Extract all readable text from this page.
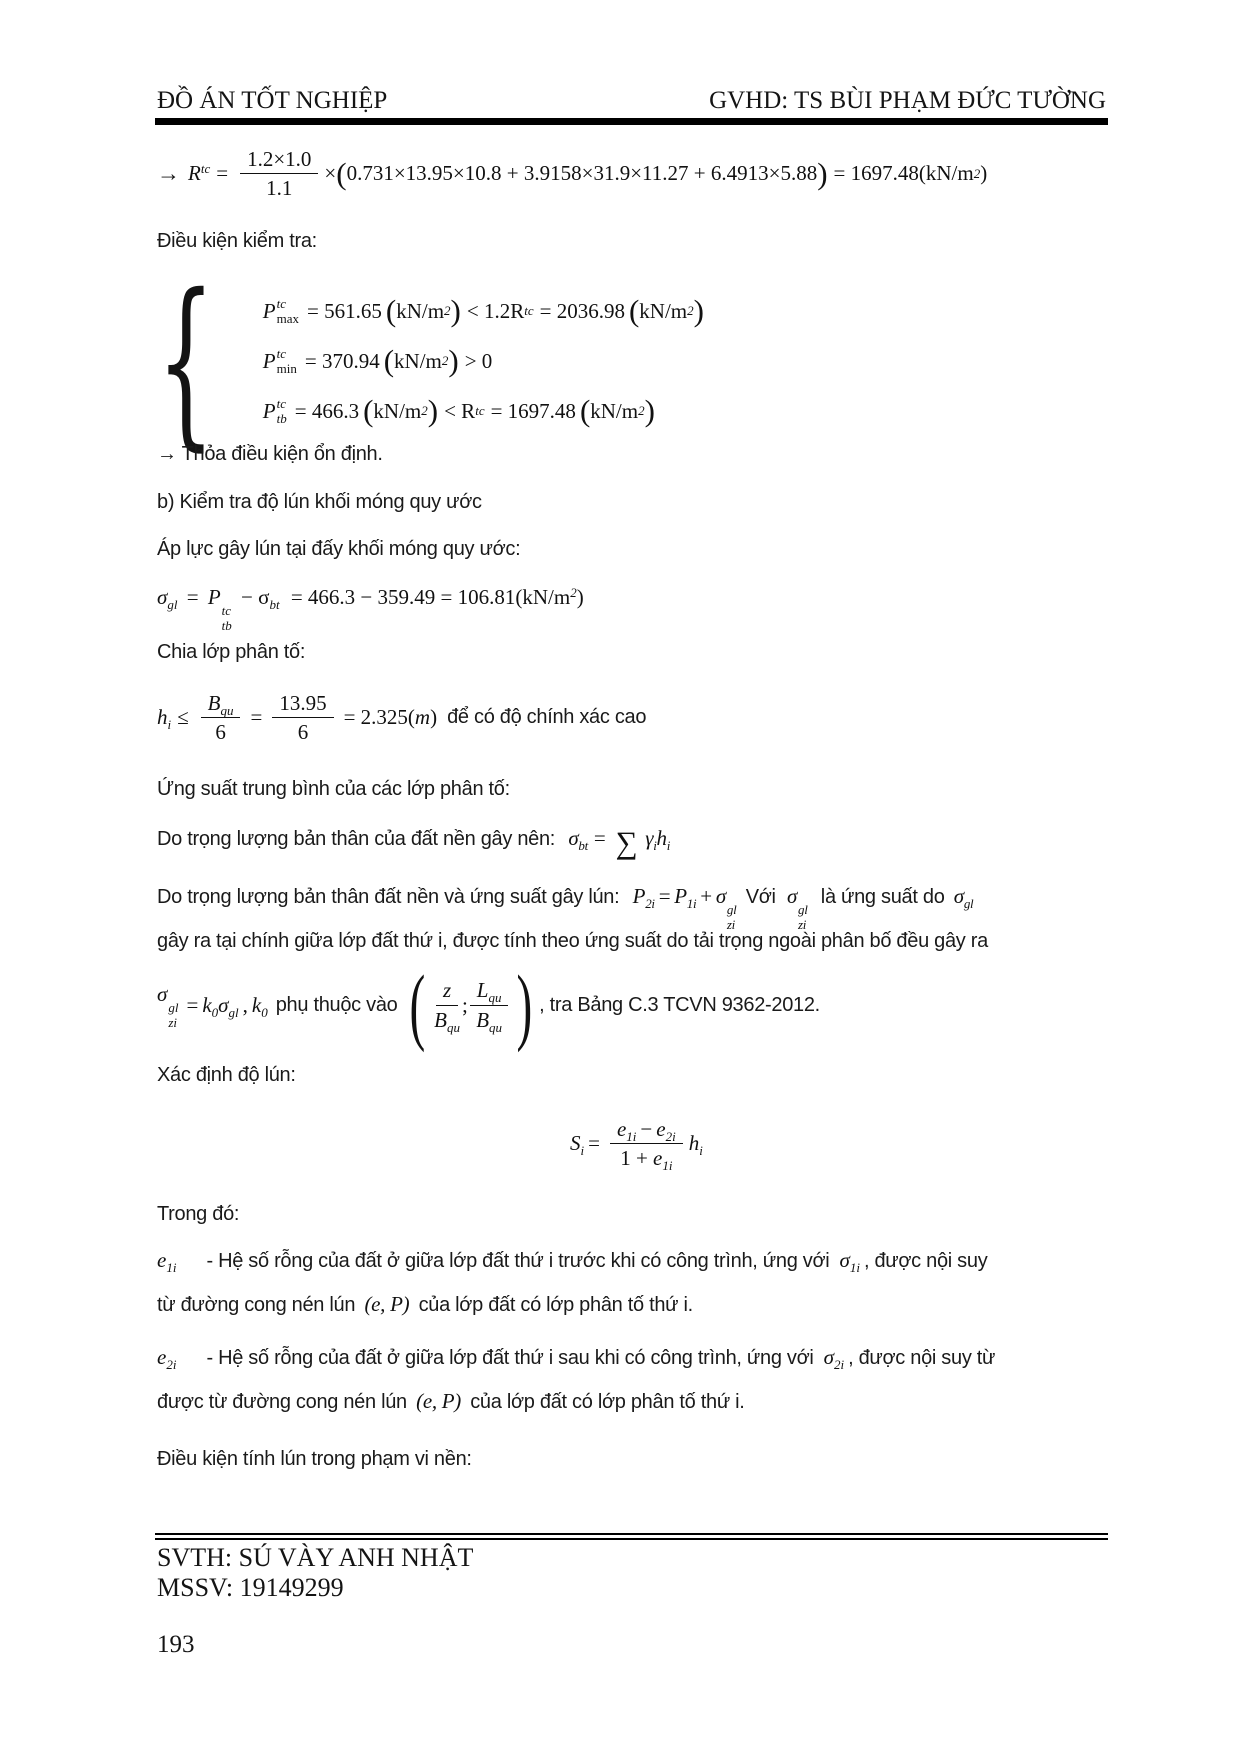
ĐỒ ÁN TỐT NGHIỆP	GVHD: TS BÙI PHẠM ĐỨC TƯỜNG
→ $R^{tc} = \frac{1.2\times 1.0}{1.1}$ × ( 0.731×13.95×10.8 + 3.9158×31.9×11.27 + 6.4913×5.88 ) = 1697.48(kN/m 2 )
Điều kiện kiểm tra:
{ P tc
max = 561.65 ( kN/m 2 ) < 1.2R tc = 2036.98 ( kN/m 2 )
P tc
min = 370.94 ( kN/m 2 ) > 0
P tc
tb = 466.3 ( kN/m 2 ) < R tc = 1697.48 ( kN/m 2 )
→ Thỏa điều kiện ổn định.
b) Kiểm tra độ lún khối móng quy ước
Áp lực gây lún tại đấy khối móng quy ước:
$\sigma_{gl} = P$
tc
tb
− $\sigma_{bt} = 466.3 - 359.49 = 106.81(kN/m^2)$
Chia lớp phân tố:
$h_i \le \frac{B_{qu}}{6} = \frac{13.95}{6} = 2.325$( m ) để có độ chính xác cao
Ứng suất trung bình của các lớp phân tố:
Do trọng lượng bản thân của đất nền gây nên: $\sigma_{bt}$ = ∑ $\gamma_ih_i$
Do trọng lượng bản thân đất nền và ứng suất gây lún: $P_{2i} = P_{1i} + \sigma$
gl
zi
Với σ
gl
zi
là ứng suất do $\sigma_{gl}$
gây ra tại chính giữa lớp đất thứ i, được tính theo ứng suất do tải trọng ngoài phân bố đều gây ra
σ
gl
zi
= $k_0\sigma_{gl}$ , $k_0$ phụ thuộc vào ( $\frac{z}{B_{qu}}$ ; $\frac{L_{qu}}{B_{qu}}$ ) , tra Bảng C.3 TCVN 9362-2012.
Xác định độ lún:
$S_i = \frac{e_{1i} - e_{2i}}{1 + e_{1i}} h_i$
Trong đó:
$e_{1i}$ - Hệ số rỗng của đất ở giữa lớp đất thứ i trước khi có công trình, ứng với $\sigma_{1i}$ , được nội suy
từ đường cong nén lún (e, P) của lớp đất có lớp phân tố thứ i.
$e_{2i}$ - Hệ số rỗng của đất ở giữa lớp đất thứ i sau khi có công trình, ứng với $\sigma_{2i}$ , được nội suy từ
được từ đường cong nén lún (e, P) của lớp đất có lớp phân tố thứ i.
Điều kiện tính lún trong phạm vi nền:
SVTH: SÚ VÀY ANH NHẬT
MSSV: 19149299
193
